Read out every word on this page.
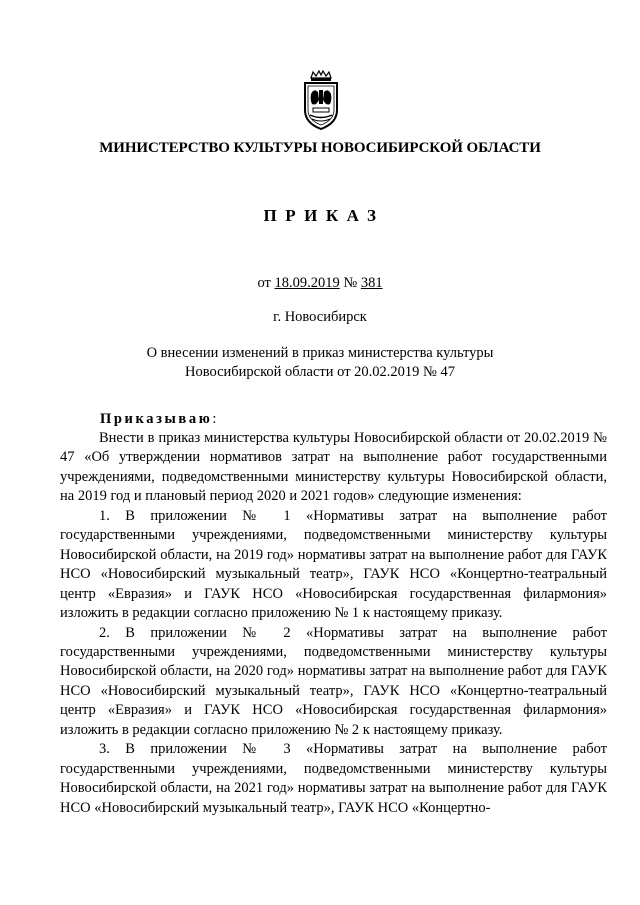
МИНИСТЕРСТВО КУЛЬТУРЫ НОВОСИБИРСКОЙ ОБЛАСТИ
ПРИКАЗ
от 18.09.2019 № 381
г. Новосибирск
О внесении изменений в приказ министерства культуры
Новосибирской области от 20.02.2019 № 47
Приказываю:

Внести в приказ министерства культуры Новосибирской области от 20.02.2019 № 47 «Об утверждении нормативов затрат на выполнение работ государственными учреждениями, подведомственными министерству культуры Новосибирской области, на 2019 год и плановый период 2020 и 2021 годов» следующие изменения:

1. В приложении № 1 «Нормативы затрат на выполнение работ государственными учреждениями, подведомственными министерству культуры Новосибирской области, на 2019 год» нормативы затрат на выполнение работ для ГАУК НСО «Новосибирский музыкальный театр», ГАУК НСО «Концертно-театральный центр «Евразия» и ГАУК НСО «Новосибирская государственная филармония» изложить в редакции согласно приложению № 1 к настоящему приказу.

2. В приложении № 2 «Нормативы затрат на выполнение работ государственными учреждениями, подведомственными министерству культуры Новосибирской области, на 2020 год» нормативы затрат на выполнение работ для ГАУК НСО «Новосибирский музыкальный театр», ГАУК НСО «Концертно-театральный центр «Евразия» и ГАУК НСО «Новосибирская государственная филармония» изложить в редакции согласно приложению № 2 к настоящему приказу.

3. В приложении № 3 «Нормативы затрат на выполнение работ государственными учреждениями, подведомственными министерству культуры Новосибирской области, на 2021 год» нормативы затрат на выполнение работ для ГАУК НСО «Новосибирский музыкальный театр», ГАУК НСО «Концертно-
